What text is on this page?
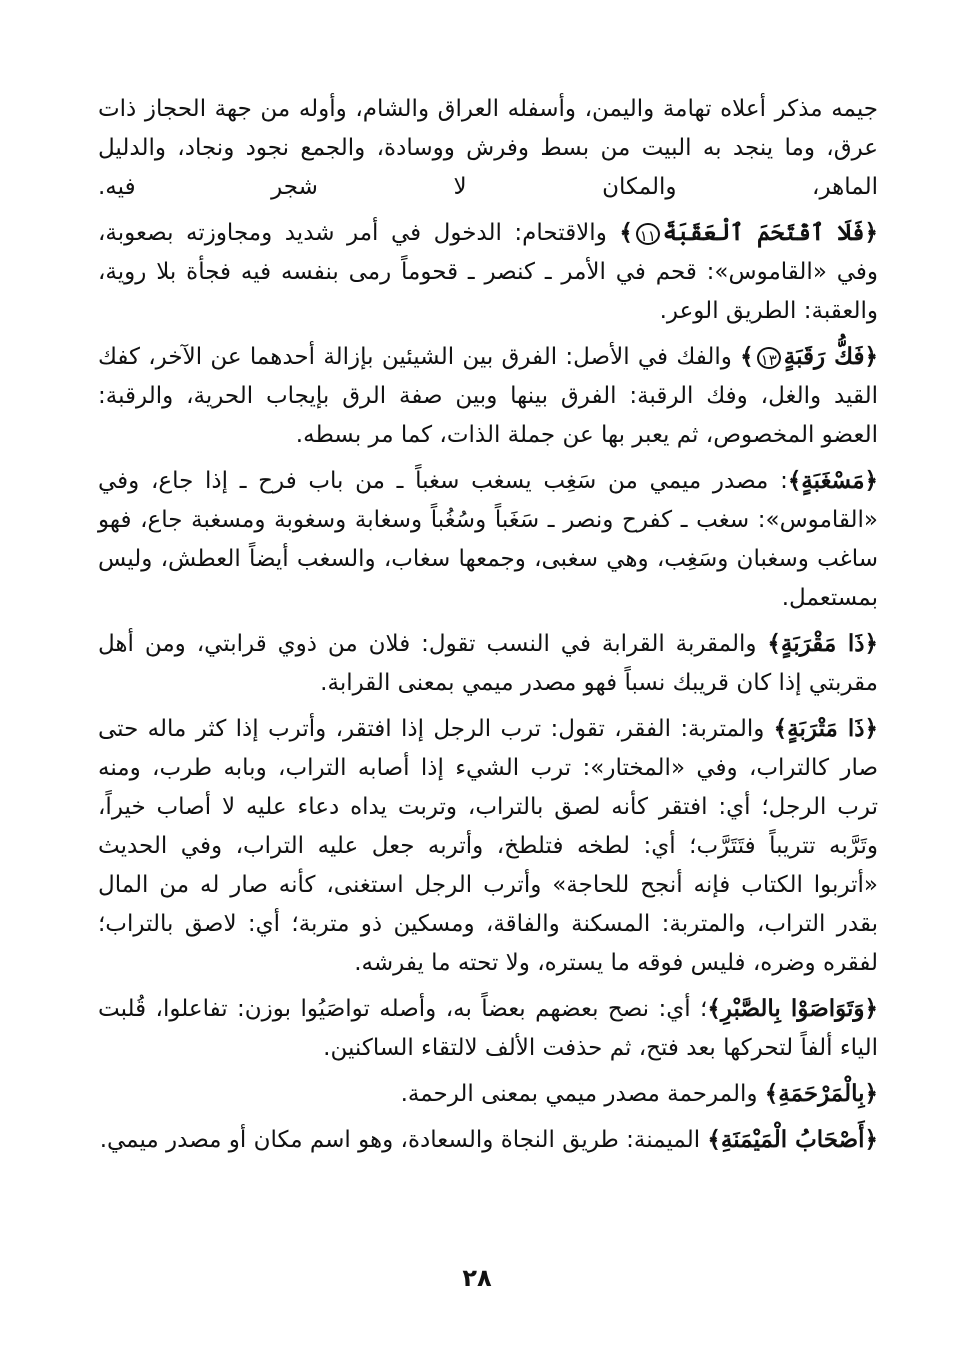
جيمه مذكر أعلاه تهامة واليمن، وأسفله العراق والشام، وأوله من جهة الحجاز ذات عرق، وما ينجد به البيت من بسط وفرش ووسادة، والجمع نجود ونجاد، والدليل الماهر، والمكان لا شجر فيه.

﴿فَلَا ٱقْتَحَمَ ٱلْعَقَبَةَ١١﴾ والاقتحام: الدخول في أمر شديد ومجاوزته بصعوبة، وفي «القاموس»: قحم في الأمر ـ كنصر ـ قحوماً رمى بنفسه فيه فجأة بلا روية، والعقبة: الطريق الوعر.

﴿فَكُّ رَقَبَةٍ١٣﴾ والفك في الأصل: الفرق بين الشيئين بإزالة أحدهما عن الآخر، كفك القيد والغل، وفك الرقبة: الفرق بينها وبين صفة الرق بإيجاب الحرية، والرقبة: العضو المخصوص، ثم يعبر بها عن جملة الذات، كما مر بسطه.

﴿مَسْغَبَةٍ﴾: مصدر ميمي من سَغِب يسغب سغباً ـ من باب فرح ـ إذا جاع، وفي «القاموس»: سغب ـ كفرح ونصر ـ سَغَباً وسُغُباً وسغابة وسغوبة ومسغبة جاع، فهو ساغب وسغبان وسَغِب، وهي سغبى، وجمعها سغاب، والسغب أيضاً العطش، وليس بمستعمل.

﴿ذَا مَقْرَبَةٍ﴾ والمقربة القرابة في النسب تقول: فلان من ذوي قرابتي، ومن أهل مقربتي إذا كان قريبك نسباً فهو مصدر ميمي بمعنى القرابة.

﴿ذَا مَتْرَبَةٍ﴾ والمتربة: الفقر، تقول: ترب الرجل إذا افتقر، وأترب إذا كثر ماله حتى صار كالتراب، وفي «المختار»: ترب الشيء إذا أصابه التراب، وبابه طرب، ومنه ترب الرجل؛ أي: افتقر كأنه لصق بالتراب، وتربت يداه دعاء عليه لا أصاب خيراً، وتَرَّبه تتريباً فتَتَرَّب؛ أي: لطخه فتلطخ، وأتربه جعل عليه التراب، وفي الحديث «أتربوا الكتاب فإنه أنجح للحاجة» وأترب الرجل استغنى، كأنه صار له من المال بقدر التراب، والمتربة: المسكنة والفاقة، ومسكين ذو متربة؛ أي: لاصق بالتراب؛ لفقره وضره، فليس فوقه ما يستره، ولا تحته ما يفرشه.

﴿وَتَوَاصَوْا بِالصَّبْرِ﴾؛ أي: نصح بعضهم بعضاً به، وأصله تواصَيُوا بوزن: تفاعلوا، قُلبت الياء ألفاً لتحركها بعد فتح، ثم حذفت الألف لالتقاء الساكنين.

﴿بِالْمَرْحَمَةِ﴾ والمرحمة مصدر ميمي بمعنى الرحمة.

﴿أَصْحَابُ الْمَيْمَنَةِ﴾ الميمنة: طريق النجاة والسعادة، وهو اسم مكان أو مصدر ميمي.

٢٨
